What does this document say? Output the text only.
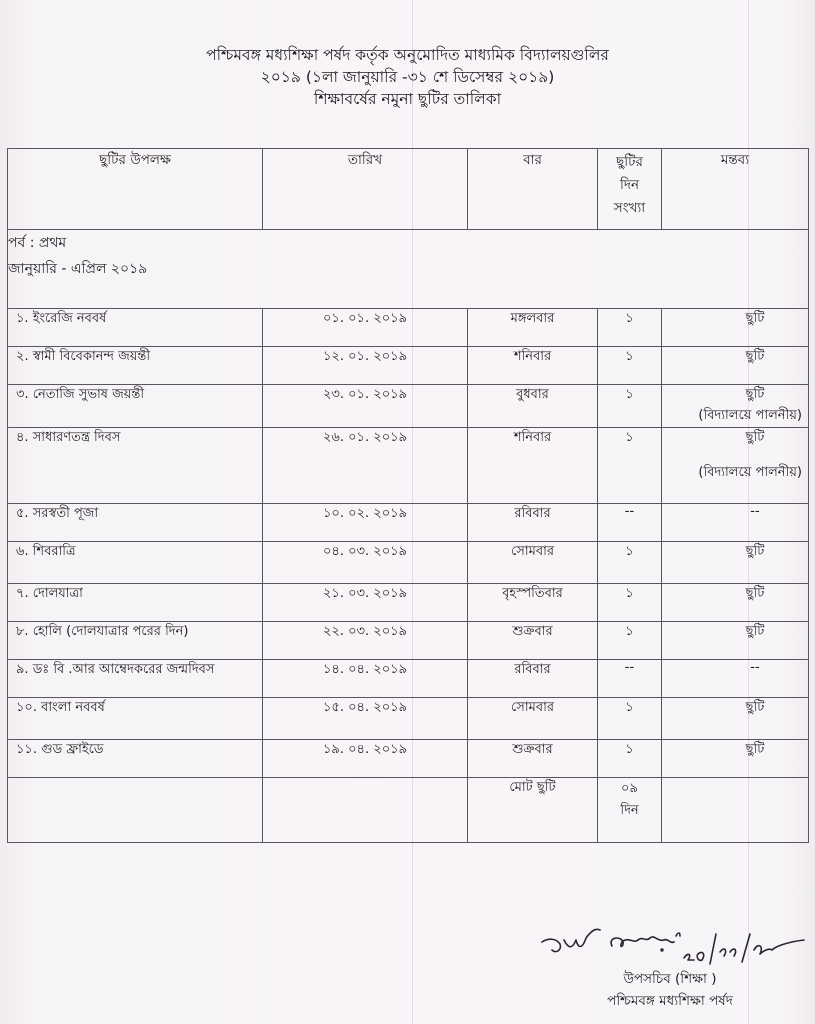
পশ্চিমবঙ্গ মধ্যশিক্ষা পর্ষদ কর্তৃক অনুমোদিত মাধ্যমিক বিদ্যালয়গুলির
২০১৯ (১লা জানুয়ারি -৩১ শে ডিসেম্বর ২০১৯)
শিক্ষাবর্ষের নমুনা ছুটির তালিকা
ছুটির উপলক্ষ	তারিখ	বার	ছুটির
দিন
সংখ্যা	মন্তব্য

পর্ব : প্রথম
জানুয়ারি - এপ্রিল ২০১৯				

১. ইংরেজি নববর্ষ	০১. ০১. ২০১৯	মঙ্গলবার	১	ছুটি
২. স্বামী বিবেকানন্দ জয়ন্তী	১২. ০১. ২০১৯	শনিবার	১	ছুটি
৩. নেতাজি সুভাষ জয়ন্তী	২৩. ০১. ২০১৯	বুধবার	১	ছুটি
(বিদ্যালয়ে পালনীয়)

৪. সাধারণতন্ত্র দিবস	২৬. ০১. ২০১৯	শনিবার	১	ছুটি
(বিদ্যালয়ে পালনীয়)

৫. সরস্বতী পূজা	১০. ০২. ২০১৯	রবিবার	--	--
৬. শিবরাত্রি	০৪. ০৩. ২০১৯	সোমবার	১	ছুটি
৭. দোলযাত্রা	২১. ০৩. ২০১৯	বৃহস্পতিবার	১	ছুটি
৮. হোলি (দোলযাত্রার পরের দিন)	২২. ০৩. ২০১৯	শুক্রবার	১	ছুটি
৯. ডঃ বি .আর আম্বেদকরের জন্মদিবস	১৪. ০৪. ২০১৯	রবিবার	--	--
১০. বাংলা নববর্ষ	১৫. ০৪. ২০১৯	সোমবার	১	ছুটি
১১. গুড ফ্রাইডে	১৯. ০৪. ২০১৯	শুক্রবার	১	ছুটি
		মোট ছুটি	০৯
দিন	

উপসচিব (শিক্ষা )
পশ্চিমবঙ্গ মধ্যশিক্ষা পর্ষদ
